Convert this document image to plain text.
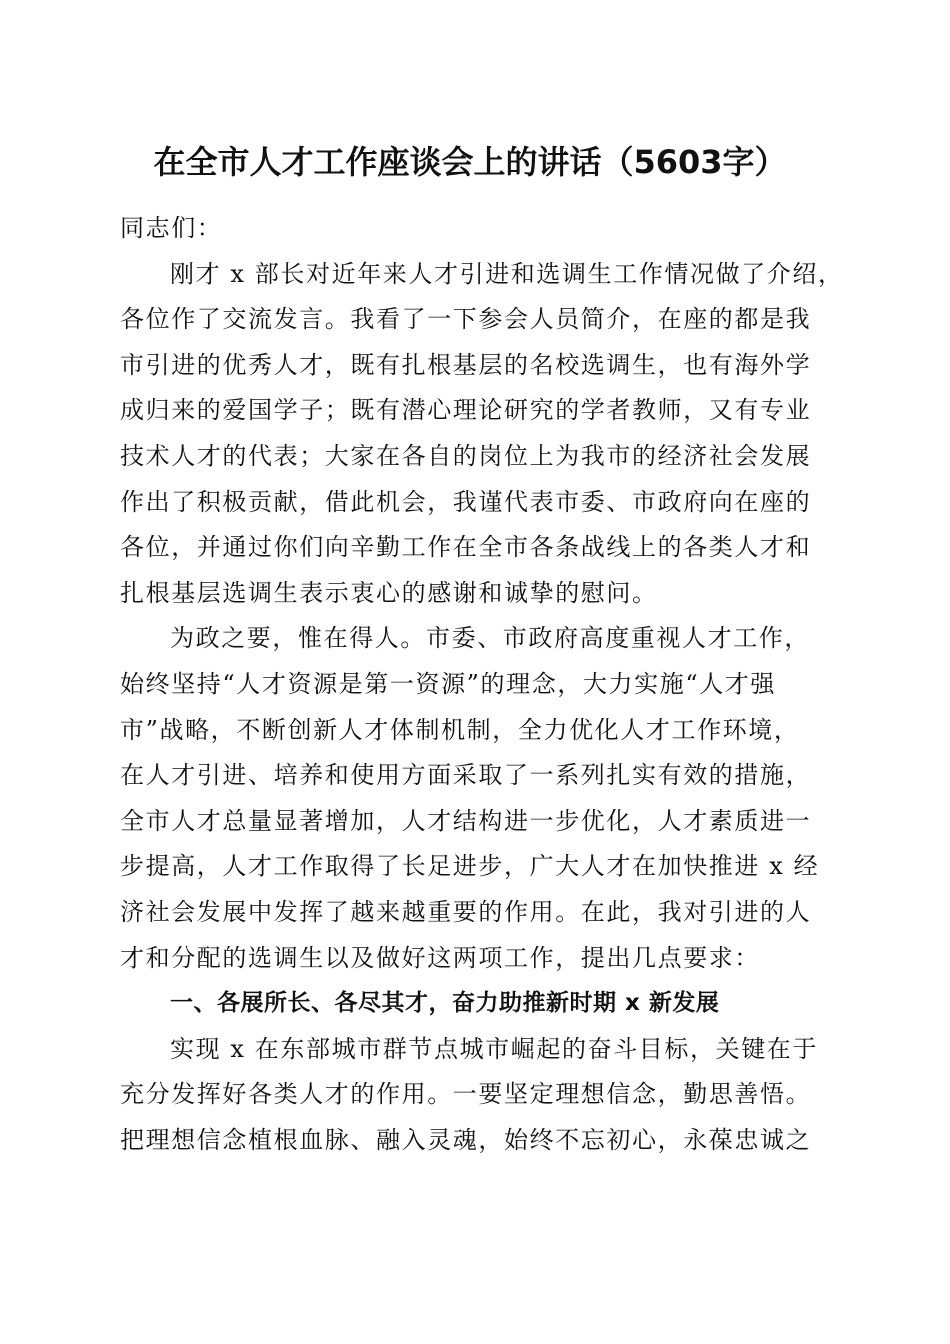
在全市人才工作座谈会上的讲话（5603字）
同志们：
刚才 x 部长对近年来人才引进和选调生工作情况做了介绍，
各位作了交流发言。我看了一下参会人员简介，在座的都是我
市引进的优秀人才，既有扎根基层的名校选调生，也有海外学
成归来的爱国学子；既有潜心理论研究的学者教师，又有专业
技术人才的代表；大家在各自的岗位上为我市的经济社会发展
作出了积极贡献，借此机会，我谨代表市委、市政府向在座的
各位，并通过你们向辛勤工作在全市各条战线上的各类人才和
扎根基层选调生表示衷心的感谢和诚挚的慰问。
为政之要，惟在得人。市委、市政府高度重视人才工作，
始终坚持“人才资源是第一资源”的理念，大力实施“人才强
市”战略，不断创新人才体制机制，全力优化人才工作环境，
在人才引进、培养和使用方面采取了一系列扎实有效的措施，
全市人才总量显著增加，人才结构进一步优化，人才素质进一
步提高，人才工作取得了长足进步，广大人才在加快推进 x 经
济社会发展中发挥了越来越重要的作用。在此，我对引进的人
才和分配的选调生以及做好这两项工作，提出几点要求：
一、各展所长、各尽其才，奋力助推新时期 x 新发展
实现 x 在东部城市群节点城市崛起的奋斗目标，关键在于
充分发挥好各类人才的作用。一要坚定理想信念，勤思善悟。
把理想信念植根血脉、融入灵魂，始终不忘初心，永葆忠诚之
